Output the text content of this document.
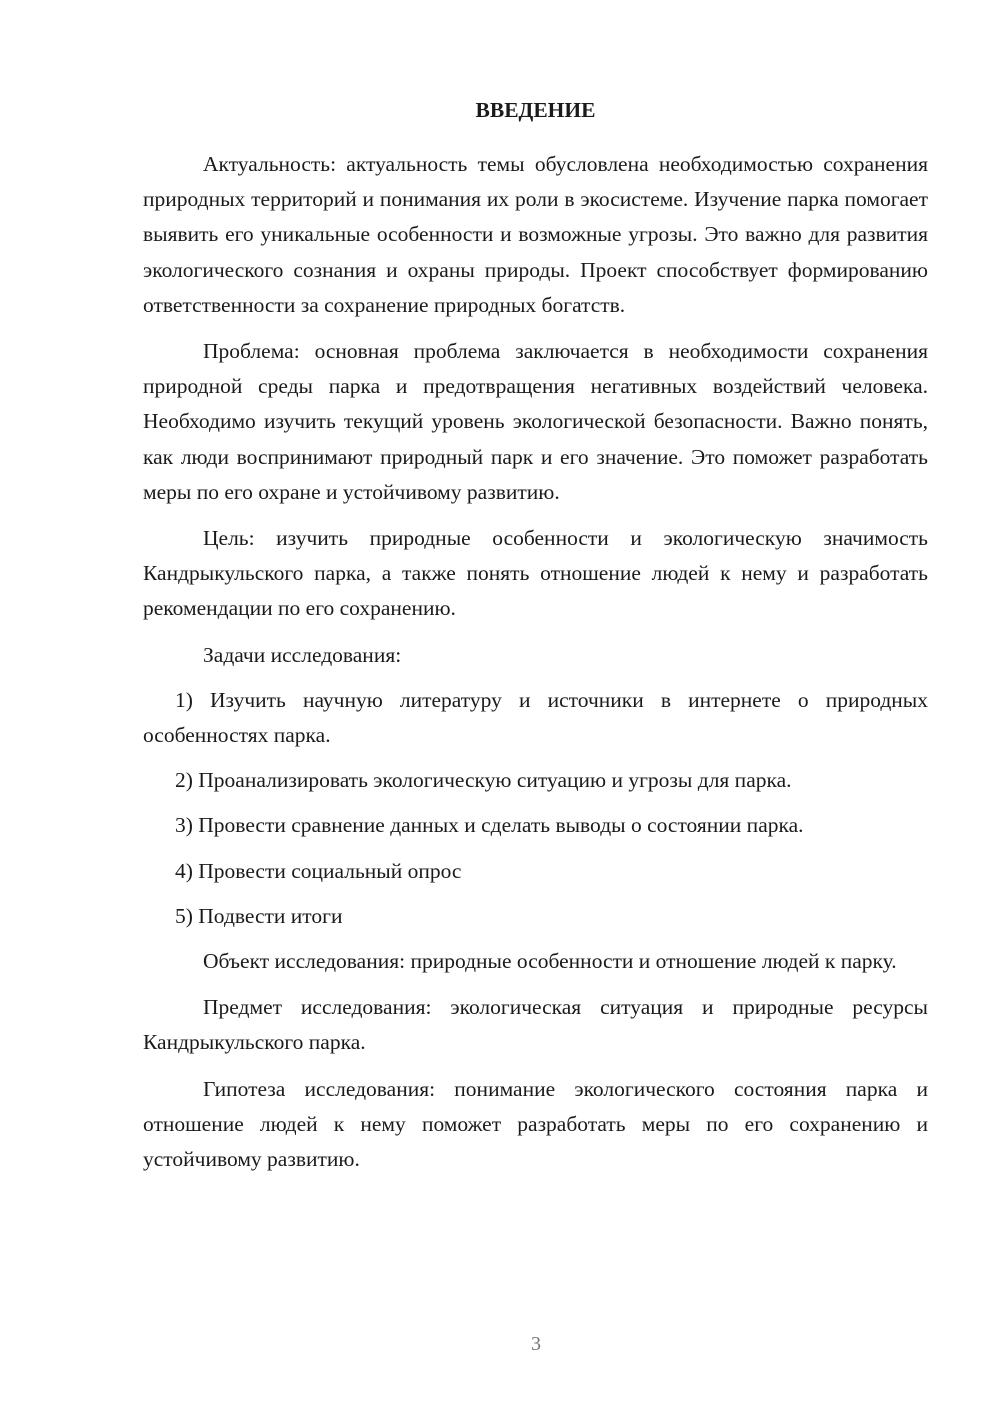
ВВЕДЕНИЕ

Актуальность: актуальность темы обусловлена необходимостью сохранения природных территорий и понимания их роли в экосистеме. Изучение парка помогает выявить его уникальные особенности и возможные угрозы. Это важно для развития экологического сознания и охраны природы. Проект способствует формированию ответственности за сохранение природных богатств.

Проблема: основная проблема заключается в необходимости сохранения природной среды парка и предотвращения негативных воздействий человека. Необходимо изучить текущий уровень экологической безопасности. Важно понять, как люди воспринимают природный парк и его значение. Это поможет разработать меры по его охране и устойчивому развитию.

Цель: изучить природные особенности и экологическую значимость Кандрыкульского парка, а также понять отношение людей к нему и разработать рекомендации по его сохранению.

Задачи исследования:

1) Изучить научную литературу и источники в интернете о природных особенностях парка.

2) Проанализировать экологическую ситуацию и угрозы для парка.

3) Провести сравнение данных и сделать выводы о состоянии парка.

4) Провести социальный опрос

5) Подвести итоги

Объект исследования: природные особенности и отношение людей к парку.

Предмет исследования: экологическая ситуация и природные ресурсы Кандрыкульского парка.

Гипотеза исследования: понимание экологического состояния парка и отношение людей к нему поможет разработать меры по его сохранению и устойчивому развитию.

3
